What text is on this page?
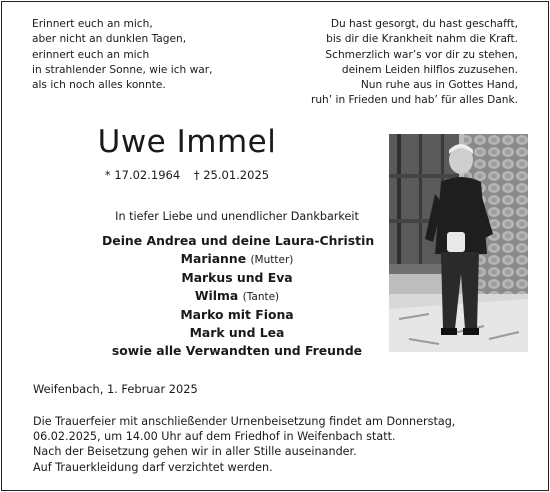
Erinnert euch an mich,
aber nicht an dunklen Tagen,
erinnert euch an mich
in strahlender Sonne, wie ich war,
als ich noch alles konnte.
Du hast gesorgt, du hast geschafft,
bis dir die Krankheit nahm die Kraft.
Schmerzlich war’s vor dir zu stehen,
deinem Leiden hilflos zuzusehen.
Nun ruhe aus in Gottes Hand,
ruh’ in Frieden und hab’ für alles Dank.
Uwe Immel
* 17.02.1964 † 25.01.2025
In tiefer Liebe und unendlicher Dankbarkeit
Deine Andrea und deine Laura-Christin
Marianne (Mutter)
Markus und Eva
Wilma (Tante)
Marko mit Fiona
Mark und Lea
sowie alle Verwandten und Freunde
Weifenbach, 1. Februar 2025
Die Trauerfeier mit anschließender Urnenbeisetzung findet am Donnerstag,
06.02.2025, um 14.00 Uhr auf dem Friedhof in Weifenbach statt.
Nach der Beisetzung gehen wir in aller Stille auseinander.
Auf Trauerkleidung darf verzichtet werden.
